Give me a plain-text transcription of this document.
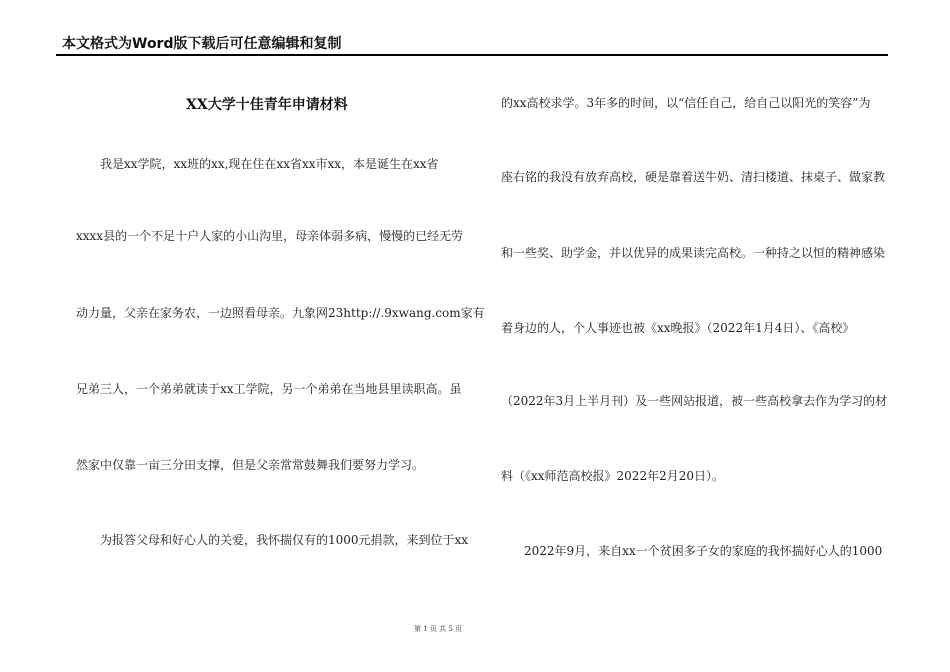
本文格式为Word版下载后可任意编辑和复制
XX大学十佳青年申请材料
我是xx学院，xx班的xx,现在住在xx省xx市xx，本是诞生在xx省
xxxx县的一个不足十户人家的小山沟里，母亲体弱多病，慢慢的已经无劳
动力量，父亲在家务农，一边照看母亲。九象网23http://.9xwang.com家有
兄弟三人，一个弟弟就读于xx工学院，另一个弟弟在当地县里读职高。虽
然家中仅靠一亩三分田支撑，但是父亲常常鼓舞我们要努力学习。
为报答父母和好心人的关爱，我怀揣仅有的1000元捐款，来到位于xx
的xx高校求学。3年多的时间，以“信任自己，给自己以阳光的笑容”为
座右铭的我没有放弃高校，硬是靠着送牛奶、清扫楼道、抹桌子、做家教
和一些奖、助学金，并以优异的成果读完高校。一种持之以恒的精神感染
着身边的人，个人事迹也被《xx晚报》（2022年1月4日）、《高校》
（2022年3月上半月刊）及一些网站报道，被一些高校拿去作为学习的材
料（《xx师范高校报》2022年2月20日）。
2022年9月，来自xx一个贫困多子女的家庭的我怀揣好心人的1000
第 1 页 共 5 页
